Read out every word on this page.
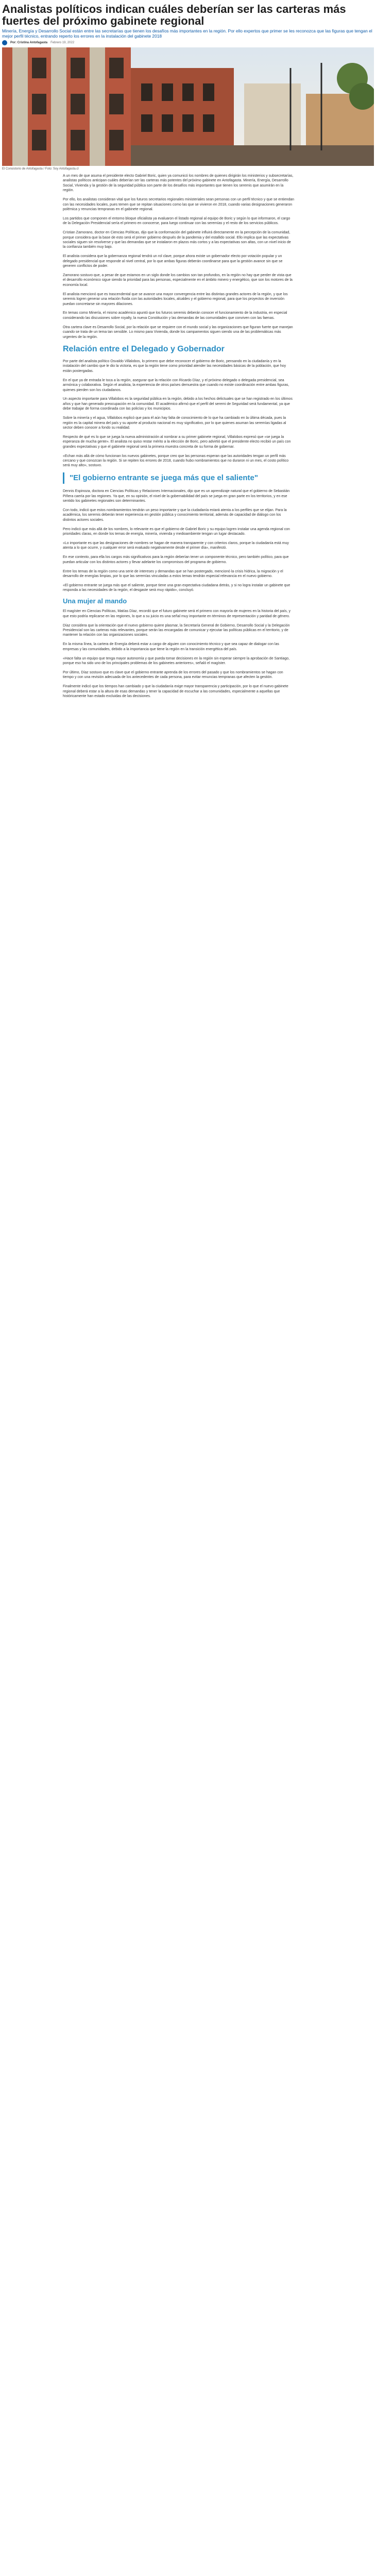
Analistas políticos indican cuáles deberían ser las carteras más fuertes del próximo gabinete regional
Minería, Energía y Desarrollo Social están entre las secretarías que tienen los desafíos más importantes en la región. Por ello expertos que primer se les reconozca que las figuras que tengan el mejor perfil técnico, entrando reperto los errores en la instalación del gabinete 2018
Por: Cristina Antofagasta Febrero 19, 2022
El Consistorio de Antofagasta / Foto: Soy Antofagasta.cl

A un mes de que asuma el presidente electo Gabriel Boric, quien ya comunicó los nombres de quienes dirigirán los ministerios y subsecretarías, analistas políticos anticipan cuáles deberían ser las carteras más potentes del próximo gabinete en Antofagasta. Minería, Energía, Desarrollo Social, Vivienda y la gestión de la seguridad pública son parte de los desafíos más importantes que tienen los seremis que asumirán en la región.

Por ello, los analistas consideran vital que los futuros secretarios regionales ministeriales sean personas con un perfil técnico y que se entiendan con las necesidades locales, pues temen que se repitan situaciones como las que se vivieron en 2018, cuando varias designaciones generaron polémica y renuncias tempranas en el gabinete regional.

Los partidos que componen el entorno bloque oficialista ya evaluaron el listado regional al equipo de Boric y según lo que informaron, el cargo de la Delegación Presidencial sería el primero en conocerse, para luego continuar con las seremías y el resto de los servicios públicos.

Cristian Zamorano, doctor en Ciencias Políticas, dijo que la conformación del gabinete influirá directamente en la percepción de la comunidad, porque considera que la base de esto será el primer gobierno después de la pandemia y del estallido social. Ello implica que las expectativas sociales siguen sin resolverse y que las demandas que se instalaron en plazos más cortos y a las expectativas son altas, con un nivel inicio de la confianza también muy bajo.

El analista considera que la gobernanza regional tendrá un rol clave, porque ahora existe un gobernador electo por votación popular y un delegado presidencial que responde al nivel central, por lo que ambas figuras deberán coordinarse para que la gestión avance sin que se generen conflictos de poder.

Zamorano sostuvo que, a pesar de que estamos en un siglo donde los cambios son tan profundos, en la región no hay que perder de vista que el desarrollo económico sigue siendo la prioridad para las personas, especialmente en el ámbito minero y energético, que son los motores de la economía local.

El analista mencionó que es trascendental que se avance una mayor convergencia entre las distintas grandes actores de la región, y que los seremis logren generar una relación fluida con las autoridades locales, alcaldes y el gobierno regional, para que los proyectos de inversión puedan concretarse sin mayores dilaciones.

En temas como Minería, el mismo académico apuntó que los futuros seremis deberán conocer el funcionamiento de la industria, en especial considerando las discusiones sobre royalty, la nueva Constitución y las demandas de las comunidades que conviven con las faenas.

Otra cartera clave es Desarrollo Social, por la relación que se requiere con el mundo social y las organizaciones que figuran fuerte que manejan cuando se trata de un tema tan sensible. Lo mismo para Vivienda, donde los campamentos siguen siendo una de las problemáticas más urgentes de la región.

Relación entre el Delegado y Gobernador

Por parte del analista político Osvaldo Villalobos, lo primero que debe reconocer el gobierno de Boric, pensando en la ciudadanía y en la instalación del cambio que le dio la victoria, es que la región tiene como prioridad atender las necesidades básicas de la población, que hoy están postergadas.

En el que ya de entrada le toca a la región, asegurar que la relación con Ricardo Díaz, y el próximo delegado o delegada presidencial, sea armónica y colaborativa. Según el analista, la experiencia de otros países demuestra que cuando no existe coordinación entre ambas figuras, quienes pierden son los ciudadanos.

Un aspecto importante para Villalobos es la seguridad pública en la región, debido a los hechos delictuales que se han registrado en los últimos años y que han generado preocupación en la comunidad. El académico afirmó que el perfil del seremi de Seguridad será fundamental, ya que debe trabajar de forma coordinada con las policías y los municipios.

Sobre la minería y el agua, Villalobos explicó que para él aún hay falta de conocimiento de lo que ha cambiado en la última década, pues la región es la capital minera del país y su aporte al producto nacional es muy significativo, por lo que quienes asuman las seremías ligadas al sector deben conocer a fondo su realidad.

Respecto de qué es lo que se juega la nueva administración al nombrar a su primer gabinete regional, Villalobos expresó que «se juega la esperanza de mucha gente». El analista no quiso restar mérito a la elección de Boric, pero advirtió que el presidente electo recibió un país con grandes expectativas y que el gabinete regional será la primera muestra concreta de su forma de gobernar.

«Echan más allá de cómo funcionan los nuevos gabinetes, porque creo que las personas esperan que las autoridades tengan un perfil más cercano y que conozcan la región. Si se repiten los errores de 2018, cuando hubo nombramientos que no duraron ni un mes, el costo político será muy alto», sostuvo.

"El gobierno entrante se juega más que el saliente"

Dennis Espinoza, doctora en Ciencias Políticas y Relaciones Internacionales, dijo que es un aprendizaje natural que el gobierno de Sebastián Piñera caería por las regiones. Ya que, en su opinión, el nivel de la gobernabilidad del país se juega en gran parte en los territorios, y en ese sentido los gabinetes regionales son determinantes.

Con todo, indicó que estos nombramientos tendrán un peso importante y que la ciudadanía estará atenta a los perfiles que se elijan. Para la académica, los seremis deberán tener experiencia en gestión pública y conocimiento territorial, además de capacidad de diálogo con los distintos actores sociales.

Pero indicó que más allá de los nombres, lo relevante es que el gobierno de Gabriel Boric y su equipo logren instalar una agenda regional con prioridades claras, en donde los temas de energía, minería, vivienda y medioambiente tengan un lugar destacado.

«Lo importante es que las designaciones de nombres se hagan de manera transparente y con criterios claros, porque la ciudadanía está muy atenta a lo que ocurre, y cualquier error será evaluado negativamente desde el primer día», manifestó.

En ese contexto, para ella los cargos más significativos para la región deberían tener un componente técnico, pero también político, para que puedan articular con los distintos actores y llevar adelante los compromisos del programa de gobierno.

Entre los temas de la región como una serie de intereses y demandas que se han postergado, mencionó la crisis hídrica, la migración y el desarrollo de energías limpias, por lo que las seremías vinculadas a estos temas tendrán especial relevancia en el nuevo gobierno.

«El gobierno entrante se juega más que el saliente, porque tiene una gran expectativa ciudadana detrás, y si no logra instalar un gabinete que responda a las necesidades de la región, el desgaste será muy rápido», concluyó.

Una mujer al mando

El magíster en Ciencias Políticas, Matías Díaz, recordó que el futuro gabinete será el primero con mayoría de mujeres en la historia del país, y que esto podría replicarse en las regiones, lo que a su juicio es una señal muy importante en términos de representación y paridad de género.

Díaz considera que la orientación que el nuevo gobierno quiere plasmar, la Secretaría General de Gobierno, Desarrollo Social y la Delegación Presidencial son las carteras más relevantes, porque serán las encargadas de comunicar y ejecutar las políticas públicas en el territorio, y de mantener la relación con las organizaciones sociales.

En la misma línea, la cartera de Energía deberá estar a cargo de alguien con conocimiento técnico y que sea capaz de dialogar con las empresas y las comunidades, debido a la importancia que tiene la región en la transición energética del país.

«Hace falta un equipo que tenga mayor autonomía y que pueda tomar decisiones en la región sin esperar siempre la aprobación de Santiago, porque eso ha sido uno de los principales problemas de los gabinetes anteriores», señaló el magíster.

Por último, Díaz sostuvo que es clave que el gobierno entrante aprenda de los errores del pasado y que los nombramientos se hagan con tiempo y con una revisión adecuada de los antecedentes de cada persona, para evitar renuncias tempranas que afecten la gestión.

Finalmente indicó que los tiempos han cambiado y que la ciudadanía exige mayor transparencia y participación, por lo que el nuevo gabinete regional deberá estar a la altura de esas demandas y tener la capacidad de escuchar a las comunidades, especialmente a aquellas que históricamente han estado excluidas de las decisiones.
